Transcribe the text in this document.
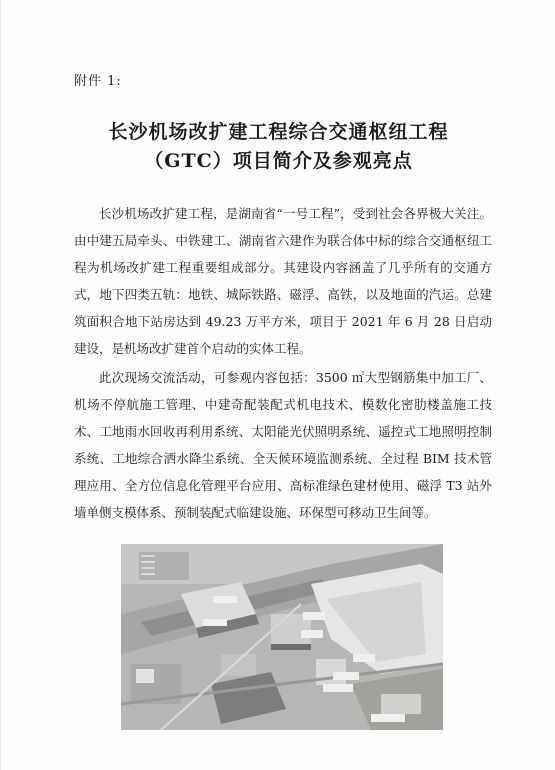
附件 1:
长沙机场改扩建工程综合交通枢纽工程
（GTC）项目简介及参观亮点

长沙机场改扩建工程，是湖南省“一号工程”，受到社会各界极大关注。由中建五局牵头、中铁建工、湖南省六建作为联合体中标的综合交通枢纽工程为机场改扩建工程重要组成部分。其建设内容涵盖了几乎所有的交通方式，地下四类五轨：地铁、城际铁路、磁浮、高铁，以及地面的汽运。总建筑面积合地下站房达到 49.23 万平方米，项目于 2021 年 6 月 28 日启动建设，是机场改扩建首个启动的实体工程。

此次现场交流活动，可参观内容包括：3500 ㎡大型钢筋集中加工厂、机场不停航施工管理、中建奇配装配式机电技术、模数化密肋楼盖施工技术、工地雨水回收再利用系统、太阳能光伏照明系统、遥控式工地照明控制系统、工地综合洒水降尘系统、全天候环境监测系统、全过程 BIM 技术管理应用、全方位信息化管理平台应用、高标准绿色建材使用、磁浮 T3 站外墙单侧支模体系、预制装配式临建设施、环保型可移动卫生间等。
